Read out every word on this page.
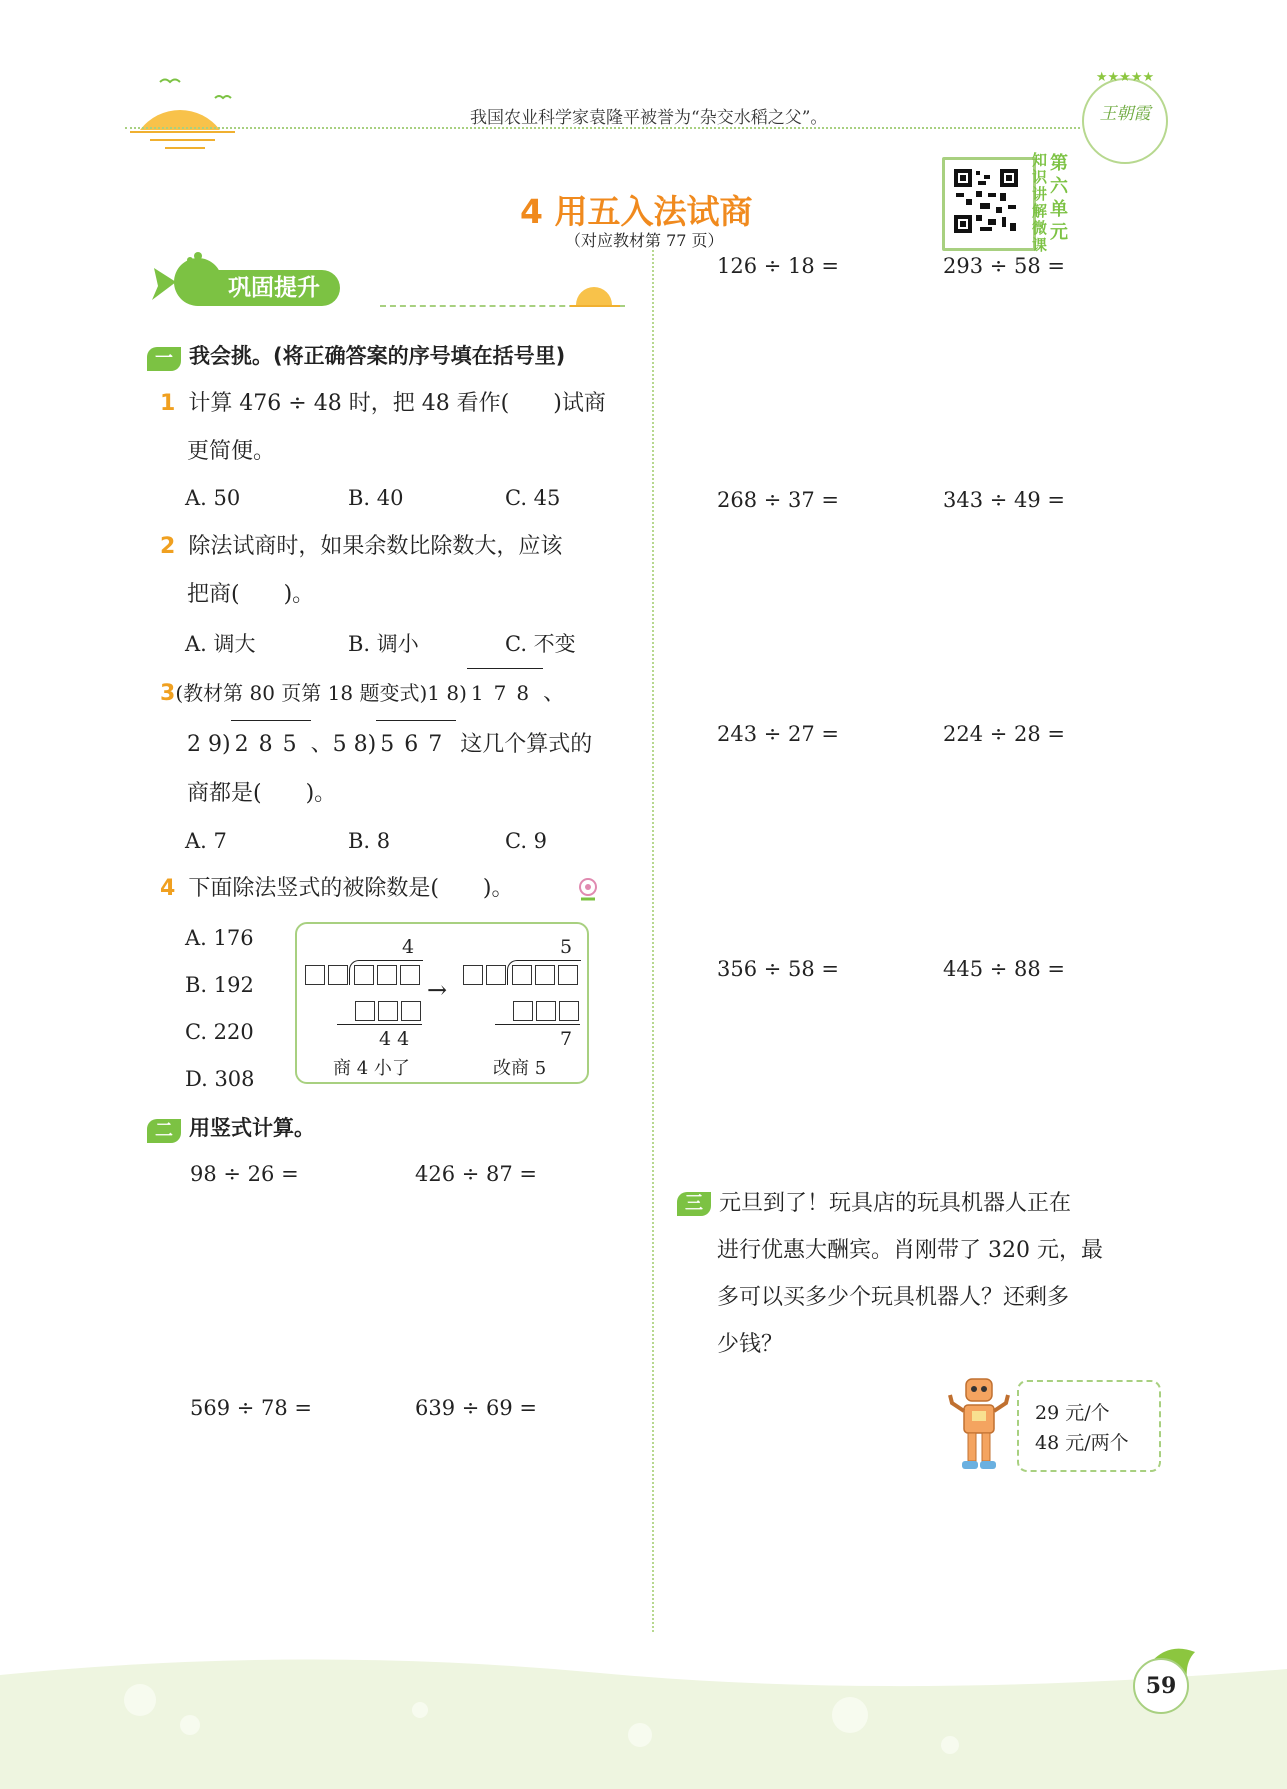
我国农业科学家袁隆平被誉为“杂交水稻之父”。
★★★★★
王朝霞
知识讲解微课
第六单元
4 用五入法试商
（对应教材第 77 页）
巩固提升
一 我会挑。(将正确答案的序号填在括号里)
1 计算 476 ÷ 48 时，把 48 看作(　　)试商
更简便。
A. 50	B. 40	C. 45
2 除法试商时，如果余数比除数大，应该
把商(　　)。
A. 调大	B. 调小	C. 不变
3(教材第 80 页第 18 题变式)1 8) 178 、
2 9) 285 、5 8) 567 这几个算式的
商都是(　　)。
A. 7	B. 8	C. 9
4 下面除法竖式的被除数是(　　)。
A. 176
B. 192
C. 220
D. 308
4
4 4
商 4 小了
→
5
7
改商 5
二 用竖式计算。
98 ÷ 26 =	426 ÷ 87 =
569 ÷ 78 =	639 ÷ 69 =
126 ÷ 18 =	293 ÷ 58 =
268 ÷ 37 =	343 ÷ 49 =
243 ÷ 27 =	224 ÷ 28 =
356 ÷ 58 =	445 ÷ 88 =
三 元旦到了！玩具店的玩具机器人正在
进行优惠大酬宾。肖刚带了 320 元，最
多可以买多少个玩具机器人？还剩多
少钱？
29 元/个
48 元/两个
59
